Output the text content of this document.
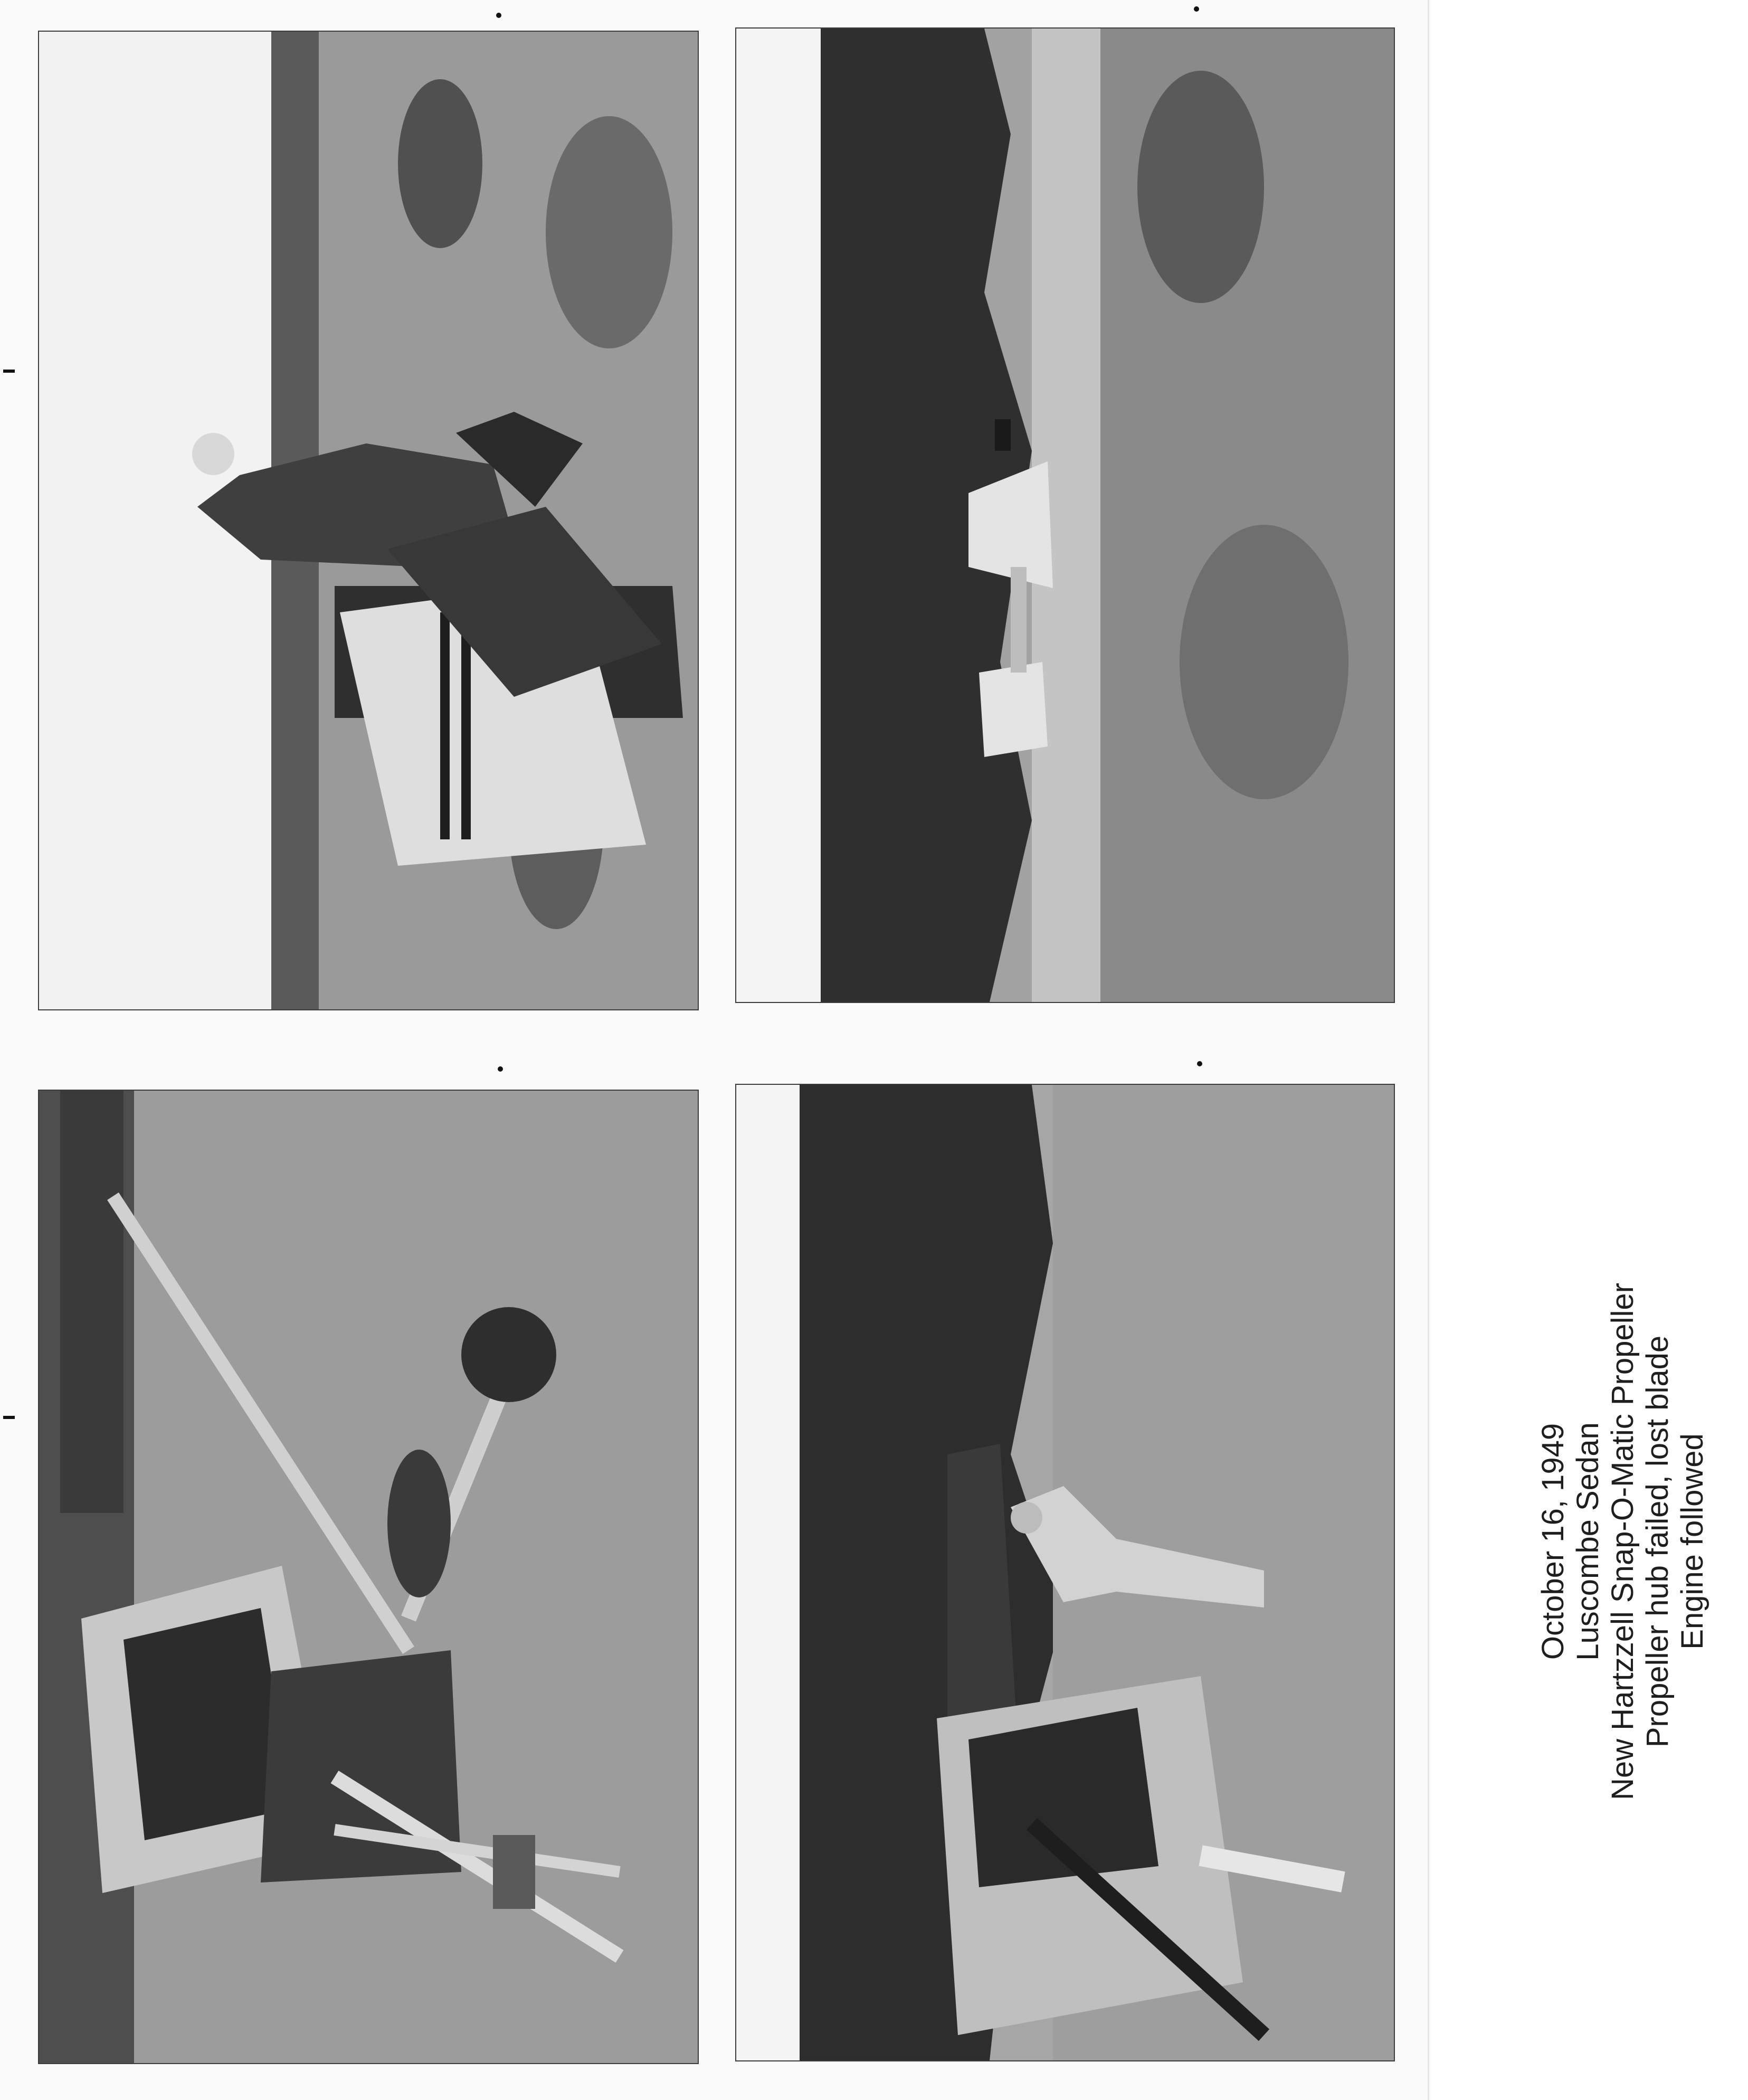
October 16, 1949 Luscombe Sedan New Hartzzell Snap-O-Matic Propeller Propeller hub failed, lost blade Engine followed
